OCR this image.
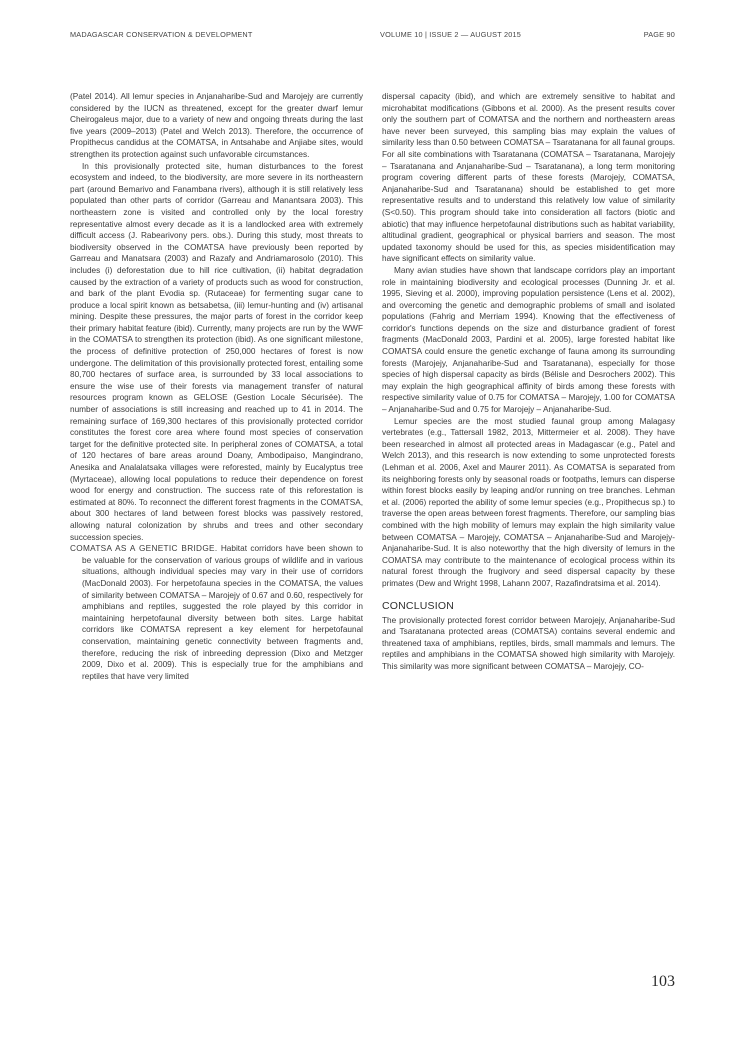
MADAGASCAR CONSERVATION & DEVELOPMENT	VOLUME 10 | ISSUE 2 — AUGUST 2015	PAGE 90

(Patel 2014). All lemur species in Anjanaharibe-Sud and Marojejy are currently considered by the IUCN as threatened, except for the greater dwarf lemur Cheirogaleus major, due to a variety of new and ongoing threats during the last five years (2009–2013) (Patel and Welch 2013). Therefore, the occurrence of Propithecus candidus at the COMATSA, in Antsahabe and Anjiabe sites, would strengthen its protection against such unfavorable circumstances.

In this provisionally protected site, human disturbances to the forest ecosystem and indeed, to the biodiversity, are more severe in its northeastern part (around Bemarivo and Fanambana rivers), although it is still relatively less populated than other parts of corridor (Garreau and Manantsara 2003). This northeastern zone is visited and controlled only by the local forestry representative almost every decade as it is a landlocked area with extremely difficult access (J. Rabearivony pers. obs.). During this study, most threats to biodiversity observed in the COMATSA have previously been reported by Garreau and Manatsara (2003) and Razafy and Andriamarosolo (2010). This includes (i) deforestation due to hill rice cultivation, (ii) habitat degradation caused by the extraction of a variety of products such as wood for construction, and bark of the plant Evodia sp. (Rutaceae) for fermenting sugar cane to produce a local spirit known as betsabetsa, (iii) lemur-hunting and (iv) artisanal mining. Despite these pressures, the major parts of forest in the corridor keep their primary habitat feature (ibid). Currently, many projects are run by the WWF in the COMATSA to strengthen its protection (ibid). As one significant milestone, the process of definitive protection of 250,000 hectares of forest is now undergone. The delimitation of this provisionally protected forest, entailing some 80,700 hectares of surface area, is surrounded by 33 local associations to ensure the wise use of their forests via management transfer of natural resources program known as GELOSE (Gestion Locale Sécurisée). The number of associations is still increasing and reached up to 41 in 2014. The remaining surface of 169,300 hectares of this provisionally protected corridor constitutes the forest core area where found most species of conservation target for the definitive protected site. In peripheral zones of COMATSA, a total of 120 hectares of bare areas around Doany, Ambodipaiso, Mangindrano, Anesika and Analalatsaka villages were reforested, mainly by Eucalyptus tree (Myrtaceae), allowing local populations to reduce their dependence on forest wood for energy and construction. The success rate of this reforestation is estimated at 80%. To reconnect the different forest fragments in the COMATSA, about 300 hectares of land between forest blocks was passively restored, allowing natural colonization by shrubs and trees and other secondary succession species.

COMATSA AS A GENETIC BRIDGE. Habitat corridors have been shown to be valuable for the conservation of various groups of wildlife and in various situations, although individual species may vary in their use of corridors (MacDonald 2003). For herpetofauna species in the COMATSA, the values of similarity between COMATSA – Marojejy of 0.67 and 0.60, respectively for amphibians and reptiles, suggested the role played by this corridor in maintaining herpetofaunal diversity between both sites. Large habitat corridors like COMATSA represent a key element for herpetofaunal conservation, maintaining genetic connectivity between fragments and, therefore, reducing the risk of inbreeding depression (Dixo and Metzger 2009, Dixo et al. 2009). This is especially true for the amphibians and reptiles that have very limited

dispersal capacity (ibid), and which are extremely sensitive to habitat and microhabitat modifications (Gibbons et al. 2000). As the present results cover only the southern part of COMATSA and the northern and northeastern areas have never been surveyed, this sampling bias may explain the values of similarity less than 0.50 between COMATSA – Tsaratanana for all faunal groups. For all site combinations with Tsaratanana (COMATSA – Tsaratanana, Marojejy – Tsaratanana and Anjanaharibe-Sud – Tsaratanana), a long term monitoring program covering different parts of these forests (Marojejy, COMATSA, Anjanaharibe-Sud and Tsaratanana) should be established to get more representative results and to understand this relatively low value of similarity (S<0.50). This program should take into consideration all factors (biotic and abiotic) that may influence herpetofaunal distributions such as habitat variability, altitudinal gradient, geographical or physical barriers and season. The most updated taxonomy should be used for this, as species misidentification may have significant effects on similarity value.

Many avian studies have shown that landscape corridors play an important role in maintaining biodiversity and ecological processes (Dunning Jr. et al. 1995, Sieving et al. 2000), improving population persistence (Lens et al. 2002), and overcoming the genetic and demographic problems of small and isolated populations (Fahrig and Merriam 1994). Knowing that the effectiveness of corridor's functions depends on the size and disturbance gradient of forest fragments (MacDonald 2003, Pardini et al. 2005), large forested habitat like COMATSA could ensure the genetic exchange of fauna among its surrounding forests (Marojejy, Anjanaharibe-Sud and Tsaratanana), especially for those species of high dispersal capacity as birds (Bélisle and Desrochers 2002). This may explain the high geographical affinity of birds among these forests with respective similarity value of 0.75 for COMATSA – Marojejy, 1.00 for COMATSA – Anjanaharibe-Sud and 0.75 for Marojejy – Anjanaharibe-Sud.

Lemur species are the most studied faunal group among Malagasy vertebrates (e.g., Tattersall 1982, 2013, Mittermeier et al. 2008). They have been researched in almost all protected areas in Madagascar (e.g., Patel and Welch 2013), and this research is now extending to some unprotected forests (Lehman et al. 2006, Axel and Maurer 2011). As COMATSA is separated from its neighboring forests only by seasonal roads or footpaths, lemurs can disperse within forest blocks easily by leaping and/or running on tree branches. Lehman et al. (2006) reported the ability of some lemur species (e.g., Propithecus sp.) to traverse the open areas between forest fragments. Therefore, our sampling bias combined with the high mobility of lemurs may explain the high similarity value between COMATSA – Marojejy, COMATSA – Anjanaharibe-Sud and Marojejy-Anjanaharibe-Sud. It is also noteworthy that the high diversity of lemurs in the COMATSA may contribute to the maintenance of ecological process within its natural forest through the frugivory and seed dispersal capacity by these primates (Dew and Wright 1998, Lahann 2007, Razafindratsima et al. 2014).

CONCLUSION

The provisionally protected forest corridor between Marojejy, Anjanaharibe-Sud and Tsaratanana protected areas (COMATSA) contains several endemic and threatened taxa of amphibians, reptiles, birds, small mammals and lemurs. The reptiles and amphibians in the COMATSA showed high similarity with Marojejy. This similarity was more significant between COMATSA – Marojejy, CO-

103
